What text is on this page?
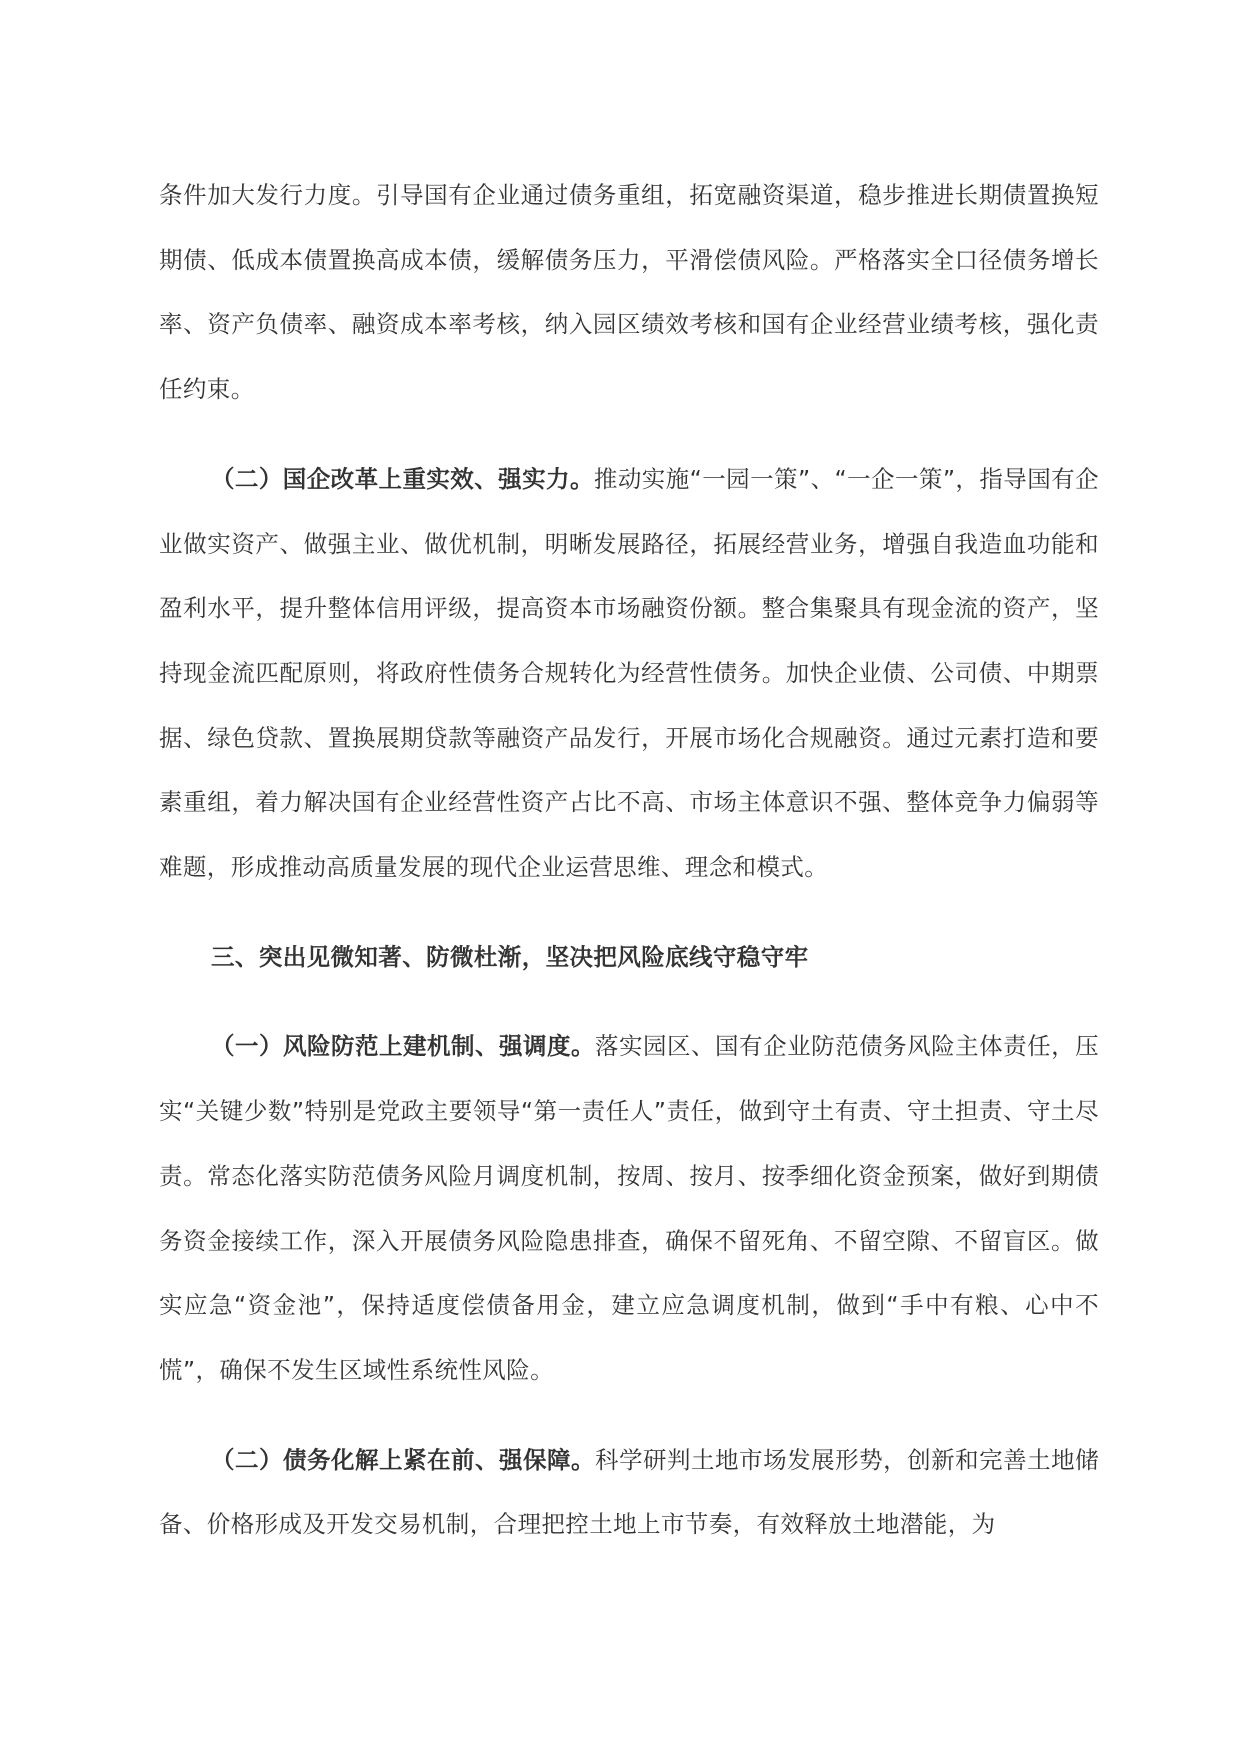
条件加大发行力度。引导国有企业通过债务重组，拓宽融资渠道，稳步推进长期债置换短期债、低成本债置换高成本债，缓解债务压力，平滑偿债风险。严格落实全口径债务增长率、资产负债率、融资成本率考核，纳入园区绩效考核和国有企业经营业绩考核，强化责任约束。

（二）国企改革上重实效、强实力。推动实施“一园一策”、“一企一策”，指导国有企业做实资产、做强主业、做优机制，明晰发展路径，拓展经营业务，增强自我造血功能和盈利水平，提升整体信用评级，提高资本市场融资份额。整合集聚具有现金流的资产，坚持现金流匹配原则，将政府性债务合规转化为经营性债务。加快企业债、公司债、中期票据、绿色贷款、置换展期贷款等融资产品发行，开展市场化合规融资。通过元素打造和要素重组，着力解决国有企业经营性资产占比不高、市场主体意识不强、整体竞争力偏弱等难题，形成推动高质量发展的现代企业运营思维、理念和模式。

三、突出见微知著、防微杜渐，坚决把风险底线守稳守牢

（一）风险防范上建机制、强调度。落实园区、国有企业防范债务风险主体责任，压实“关键少数”特别是党政主要领导“第一责任人”责任，做到守土有责、守土担责、守土尽责。常态化落实防范债务风险月调度机制，按周、按月、按季细化资金预案，做好到期债务资金接续工作，深入开展债务风险隐患排查，确保不留死角、不留空隙、不留盲区。做实应急“资金池”，保持适度偿债备用金，建立应急调度机制，做到“手中有粮、心中不慌”，确保不发生区域性系统性风险。

（二）债务化解上紧在前、强保障。科学研判土地市场发展形势，创新和完善土地储备、价格形成及开发交易机制，合理把控土地上市节奏，有效释放土地潜能，为
